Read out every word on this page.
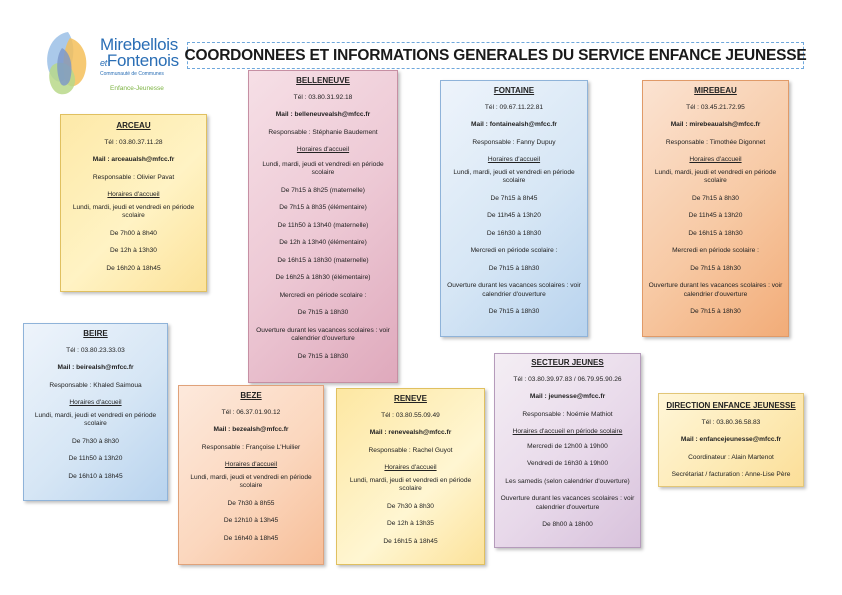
Mirebellois
etFontenois
Communauté de Communes
Enfance-Jeunesse
COORDONNEES ET INFORMATIONS GENERALES DU SERVICE ENFANCE JEUNESSE
ARCEAU
Tél : 03.80.37.11.28
Mail : arceaualsh@mfcc.fr
Responsable : Olivier Pavat
Horaires d'accueil
Lundi, mardi, jeudi et vendredi en période scolaire
De 7h00 à 8h40
De 12h à 13h30
De 16h20 à 18h45
BELLENEUVE
Tél : 03.80.31.92.18
Mail : belleneuvealsh@mfcc.fr
Responsable : Stéphanie Baudement
Horaires d'accueil
Lundi, mardi, jeudi et vendredi en période scolaire
De 7h15 à 8h25 (maternelle)
De 7h15 à 8h35 (élémentaire)
De 11h50 à 13h40 (maternelle)
De 12h à 13h40 (élémentaire)
De 16h15 à 18h30 (maternelle)
De 16h25 à 18h30 (élémentaire)
Mercredi en période scolaire :
De 7h15 à 18h30
Ouverture durant les vacances scolaires : voir calendrier d'ouverture
De 7h15 à 18h30
FONTAINE
Tél : 09.67.11.22.81
Mail : fontainealsh@mfcc.fr
Responsable : Fanny Dupuy
Horaires d'accueil
Lundi, mardi, jeudi et vendredi en période scolaire
De 7h15 à 8h45
De 11h45 à 13h20
De 16h30 à 18h30
Mercredi en période scolaire :
De 7h15 à 18h30
Ouverture durant les vacances scolaires : voir calendrier d'ouverture
De 7h15 à 18h30
MIREBEAU
Tél : 03.45.21.72.95
Mail : mirebeaualsh@mfcc.fr
Responsable : Timothée Digonnet
Horaires d'accueil
Lundi, mardi, jeudi et vendredi en période scolaire
De 7h15 à 8h30
De 11h45 à 13h20
De 16h15 à 18h30
Mercredi en période scolaire :
De 7h15 à 18h30
Ouverture durant les vacances scolaires : voir calendrier d'ouverture
De 7h15 à 18h30
BEIRE
Tél : 03.80.23.33.03
Mail : beirealsh@mfcc.fr
Responsable : Khaled Saimoua
Horaires d'accueil
Lundi, mardi, jeudi et vendredi en période scolaire
De 7h30 à 8h30
De 11h50 à 13h20
De 16h10 à 18h45
BEZE
Tél : 06.37.01.90.12
Mail : bezealsh@mfcc.fr
Responsable : Françoise L'Huilier
Horaires d'accueil
Lundi, mardi, jeudi et vendredi en période scolaire
De 7h30 à 8h55
De 12h10 à 13h45
De 16h40 à 18h45
RENEVE
Tél : 03.80.55.09.49
Mail : renevealsh@mfcc.fr
Responsable : Rachel Guyot
Horaires d'accueil
Lundi, mardi, jeudi et vendredi en période scolaire
De 7h30 à 8h30
De 12h à 13h35
De 16h15 à 18h45
SECTEUR JEUNES
Tél : 03.80.39.97.83 / 06.79.95.90.26
Mail : jeunesse@mfcc.fr
Responsable : Noémie Mathiot
Horaires d'accueil en période scolaire
Mercredi de 12h00 à 19h00
Vendredi de 16h30 à 19h00
Les samedis (selon calendrier d'ouverture)
Ouverture durant les vacances scolaires : voir calendrier d'ouverture
De 8h00 à 18h00
DIRECTION ENFANCE JEUNESSE
Tél : 03.80.36.58.83
Mail : enfancejeunesse@mfcc.fr
Coordinateur : Alain Martenot
Secrétariat / facturation : Anne-Lise Père
